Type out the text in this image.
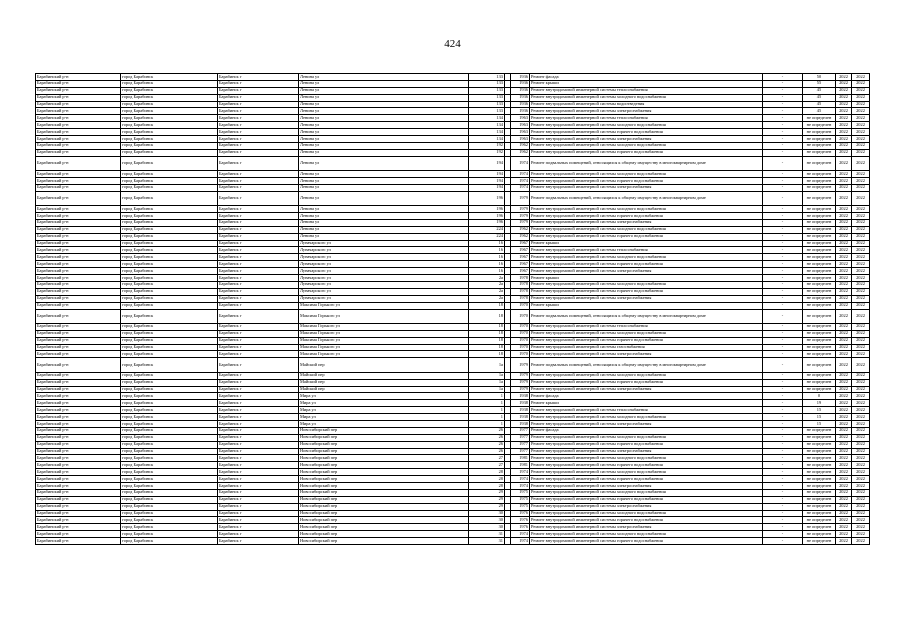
424
Барабинский р-н	город Барабинск	Барабинск г	Ленина ул	133		1936	Ремонт фасада	-	50	2022	2022
Барабинский р-н	город Барабинск	Барабинск г	Ленина ул	133		1936	Ремонт крыши	-	55	2022	2022
Барабинский р-н	город Барабинск	Барабинск г	Ленина ул	133		1936	Ремонт внутридомовой инженерной системы теплоснабжения	-	45	2022	2022
Барабинский р-н	город Барабинск	Барабинск г	Ленина ул	133		1936	Ремонт внутридомовой инженерной системы холодного водоснабжения	-	45	2022	2022
Барабинский р-н	город Барабинск	Барабинск г	Ленина ул	133		1936	Ремонт внутридомовой инженерной системы водоотведения	-	45	2022	2022
Барабинский р-н	город Барабинск	Барабинск г	Ленина ул	133		1936	Ремонт внутридомовой инженерной системы электроснабжения	-	45	2022	2022
Барабинский р-н	город Барабинск	Барабинск г	Ленина ул	134		1963	Ремонт внутридомовой инженерной системы теплоснабжения	-	не определен	2022	2022
Барабинский р-н	город Барабинск	Барабинск г	Ленина ул	134		1963	Ремонт внутридомовой инженерной системы холодного водоснабжения	-	не определен	2022	2022
Барабинский р-н	город Барабинск	Барабинск г	Ленина ул	134		1963	Ремонт внутридомовой инженерной системы горячего водоснабжения	-	не определен	2022	2022
Барабинский р-н	город Барабинск	Барабинск г	Ленина ул	134		1963	Ремонт внутридомовой инженерной системы электроснабжения	-	не определен	2022	2022
Барабинский р-н	город Барабинск	Барабинск г	Ленина ул	192		1962	Ремонт внутридомовой инженерной системы холодного водоснабжения	-	не определен	2022	2022
Барабинский р-н	город Барабинск	Барабинск г	Ленина ул	192		1962	Ремонт внутридомовой инженерной системы горячего водоснабжения	-	не определен	2022	2022
Барабинский р-н	город Барабинск	Барабинск г	Ленина ул	194		1974	Ремонт подвальных помещений, относящихся к общему имуществу в многоквартирном доме	-	не определен	2022	2022
Барабинский р-н	город Барабинск	Барабинск г	Ленина ул	194		1974	Ремонт внутридомовой инженерной системы холодного водоснабжения	-	не определен	2022	2022
Барабинский р-н	город Барабинск	Барабинск г	Ленина ул	194		1974	Ремонт внутридомовой инженерной системы горячего водоснабжения	-	не определен	2022	2022
Барабинский р-н	город Барабинск	Барабинск г	Ленина ул	194		1974	Ремонт внутридомовой инженерной системы электроснабжения	-	не определен	2022	2022
Барабинский р-н	город Барабинск	Барабинск г	Ленина ул	196		1979	Ремонт подвальных помещений, относящихся к общему имуществу в многоквартирном доме	-	не определен	2022	2022
Барабинский р-н	город Барабинск	Барабинск г	Ленина ул	196		1979	Ремонт внутридомовой инженерной системы холодного водоснабжения	-	не определен	2022	2022
Барабинский р-н	город Барабинск	Барабинск г	Ленина ул	196		1979	Ремонт внутридомовой инженерной системы горячего водоснабжения	-	не определен	2022	2022
Барабинский р-н	город Барабинск	Барабинск г	Ленина ул	196		1979	Ремонт внутридомовой инженерной системы электроснабжения	-	не определен	2022	2022
Барабинский р-н	город Барабинск	Барабинск г	Ленина ул	224		1962	Ремонт внутридомовой инженерной системы холодного водоснабжения	-	не определен	2022	2022
Барабинский р-н	город Барабинск	Барабинск г	Ленина ул	224		1962	Ремонт внутридомовой инженерной системы горячего водоснабжения	-	не определен	2022	2022
Барабинский р-н	город Барабинск	Барабинск г	Луначарского ул	16		1967	Ремонт крыши	-	не определен	2022	2022
Барабинский р-н	город Барабинск	Барабинск г	Луначарского ул	16		1967	Ремонт внутридомовой инженерной системы теплоснабжения	-	не определен	2022	2022
Барабинский р-н	город Барабинск	Барабинск г	Луначарского ул	16		1967	Ремонт внутридомовой инженерной системы холодного водоснабжения	-	не определен	2022	2022
Барабинский р-н	город Барабинск	Барабинск г	Луначарского ул	16		1967	Ремонт внутридомовой инженерной системы горячего водоснабжения	-	не определен	2022	2022
Барабинский р-н	город Барабинск	Барабинск г	Луначарского ул	16		1967	Ремонт внутридомовой инженерной системы электроснабжения	-	не определен	2022	2022
Барабинский р-н	город Барабинск	Барабинск г	Луначарского ул	2а		1978	Ремонт крыши	-	не определен	2022	2022
Барабинский р-н	город Барабинск	Барабинск г	Луначарского ул	2а		1978	Ремонт внутридомовой инженерной системы холодного водоснабжения	-	не определен	2022	2022
Барабинский р-н	город Барабинск	Барабинск г	Луначарского ул	2а		1978	Ремонт внутридомовой инженерной системы горячего водоснабжения	-	не определен	2022	2022
Барабинский р-н	город Барабинск	Барабинск г	Луначарского ул	2а		1978	Ремонт внутридомовой инженерной системы электроснабжения	-	не определен	2022	2022
Барабинский р-н	город Барабинск	Барабинск г	Максима Горького ул	18		1970	Ремонт крыши	-	не определен	2022	2022
Барабинский р-н	город Барабинск	Барабинск г	Максима Горького ул	18		1970	Ремонт подвальных помещений, относящихся к общему имуществу в многоквартирном доме	-	не определен	2022	2022
Барабинский р-н	город Барабинск	Барабинск г	Максима Горького ул	18		1970	Ремонт внутридомовой инженерной системы теплоснабжения	-	не определен	2022	2022
Барабинский р-н	город Барабинск	Барабинск г	Максима Горького ул	18		1970	Ремонт внутридомовой инженерной системы холодного водоснабжения	-	не определен	2022	2022
Барабинский р-н	город Барабинск	Барабинск г	Максима Горького ул	18		1970	Ремонт внутридомовой инженерной системы горячего водоснабжения	-	не определен	2022	2022
Барабинский р-н	город Барабинск	Барабинск г	Максима Горького ул	18		1970	Ремонт внутридомовой инженерной системы газоснабжения	-	не определен	2022	2022
Барабинский р-н	город Барабинск	Барабинск г	Максима Горького ул	18		1970	Ремонт внутридомовой инженерной системы электроснабжения	-	не определен	2022	2022
Барабинский р-н	город Барабинск	Барабинск г	Майский пер	1а		1979	Ремонт подвальных помещений, относящихся к общему имуществу в многоквартирном доме	-	не определен	2022	2022
Барабинский р-н	город Барабинск	Барабинск г	Майский пер	1а		1979	Ремонт внутридомовой инженерной системы холодного водоснабжения	-	не определен	2022	2022
Барабинский р-н	город Барабинск	Барабинск г	Майский пер	1а		1979	Ремонт внутридомовой инженерной системы горячего водоснабжения	-	не определен	2022	2022
Барабинский р-н	город Барабинск	Барабинск г	Майский пер	1а		1979	Ремонт внутридомовой инженерной системы электроснабжения	-	не определен	2022	2022
Барабинский р-н	город Барабинск	Барабинск г	Мира ул	1		1938	Ремонт фасада	-	0	2022	2022
Барабинский р-н	город Барабинск	Барабинск г	Мира ул	1		1938	Ремонт крыши	-	19	2022	2022
Барабинский р-н	город Барабинск	Барабинск г	Мира ул	1		1938	Ремонт внутридомовой инженерной системы теплоснабжения	-	15	2022	2022
Барабинский р-н	город Барабинск	Барабинск г	Мира ул	1		1938	Ремонт внутридомовой инженерной системы холодного водоснабжения	-	15	2022	2022
Барабинский р-н	город Барабинск	Барабинск г	Мира ул	1		1938	Ремонт внутридомовой инженерной системы электроснабжения	-	15	2022	2022
Барабинский р-н	город Барабинск	Барабинск г	Новосибирский пер	26		1977	Ремонт фасада	-	не определен	2022	2022
Барабинский р-н	город Барабинск	Барабинск г	Новосибирский пер	26		1977	Ремонт внутридомовой инженерной системы холодного водоснабжения	-	не определен	2022	2022
Барабинский р-н	город Барабинск	Барабинск г	Новосибирский пер	26		1977	Ремонт внутридомовой инженерной системы горячего водоснабжения	-	не определен	2022	2022
Барабинский р-н	город Барабинск	Барабинск г	Новосибирский пер	26		1977	Ремонт внутридомовой инженерной системы электроснабжения	-	не определен	2022	2022
Барабинский р-н	город Барабинск	Барабинск г	Новосибирский пер	27		1981	Ремонт внутридомовой инженерной системы холодного водоснабжения	-	не определен	2022	2022
Барабинский р-н	город Барабинск	Барабинск г	Новосибирский пер	27		1981	Ремонт внутридомовой инженерной системы горячего водоснабжения	-	не определен	2022	2022
Барабинский р-н	город Барабинск	Барабинск г	Новосибирский пер	28		1974	Ремонт внутридомовой инженерной системы холодного водоснабжения	-	не определен	2022	2022
Барабинский р-н	город Барабинск	Барабинск г	Новосибирский пер	28		1974	Ремонт внутридомовой инженерной системы горячего водоснабжения	-	не определен	2022	2022
Барабинский р-н	город Барабинск	Барабинск г	Новосибирский пер	28		1974	Ремонт внутридомовой инженерной системы электроснабжения	-	не определен	2022	2022
Барабинский р-н	город Барабинск	Барабинск г	Новосибирский пер	29		1975	Ремонт внутридомовой инженерной системы холодного водоснабжения	-	не определен	2022	2022
Барабинский р-н	город Барабинск	Барабинск г	Новосибирский пер	29		1975	Ремонт внутридомовой инженерной системы горячего водоснабжения	-	не определен	2022	2022
Барабинский р-н	город Барабинск	Барабинск г	Новосибирский пер	29		1975	Ремонт внутридомовой инженерной системы электроснабжения	-	не определен	2022	2022
Барабинский р-н	город Барабинск	Барабинск г	Новосибирский пер	30		1976	Ремонт внутридомовой инженерной системы холодного водоснабжения	-	не определен	2022	2022
Барабинский р-н	город Барабинск	Барабинск г	Новосибирский пер	30		1976	Ремонт внутридомовой инженерной системы горячего водоснабжения	-	не определен	2022	2022
Барабинский р-н	город Барабинск	Барабинск г	Новосибирский пер	30		1976	Ремонт внутридомовой инженерной системы электроснабжения	-	не определен	2022	2022
Барабинский р-н	город Барабинск	Барабинск г	Новосибирский пер	31		1974	Ремонт внутридомовой инженерной системы холодного водоснабжения	-	не определен	2022	2022
Барабинский р-н	город Барабинск	Барабинск г	Новосибирский пер	31		1974	Ремонт внутридомовой инженерной системы горячего водоснабжения	-	не определен	2022	2022
